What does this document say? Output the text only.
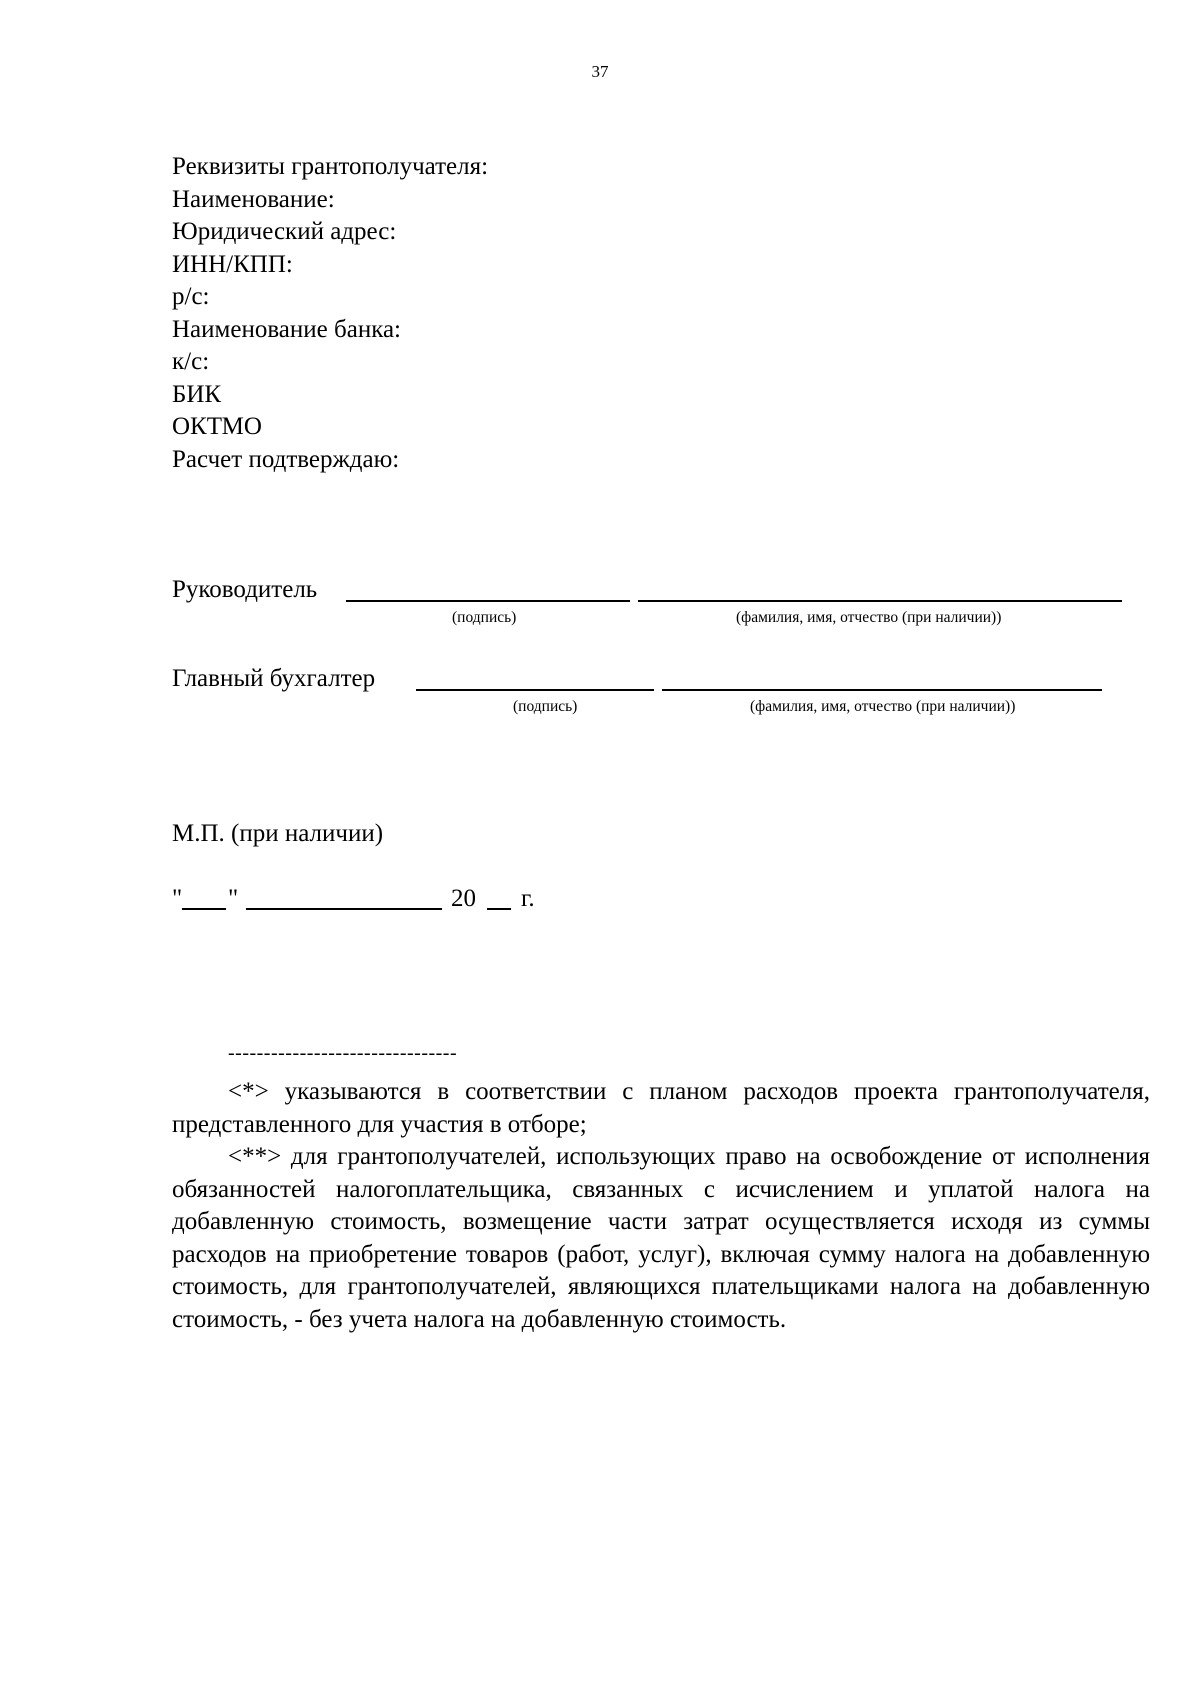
37
Реквизиты грантополучателя:
Наименование:
Юридический адрес:
ИНН/КПП:
р/с:
Наименование банка:
к/с:
БИК
ОКТМО
Расчет подтверждаю:
Руководитель
(подпись)	(фамилия, имя, отчество (при наличии))
Главный бухгалтер
(подпись)	(фамилия, имя, отчество (при наличии))
М.П. (при наличии)
" "	20 г.
--------------------------------

<*> указываются в соответствии с планом расходов проекта грантополучателя, представленного для участия в отборе;

<**> для грантополучателей, использующих право на освобождение от исполнения обязанностей налогоплательщика, связанных с исчислением и уплатой налога на добавленную стоимость, возмещение части затрат осуществляется исходя из суммы расходов на приобретение товаров (работ, услуг), включая сумму налога на добавленную стоимость, для грантополучателей, являющихся плательщиками налога на добавленную стоимость, - без учета налога на добавленную стоимость.
